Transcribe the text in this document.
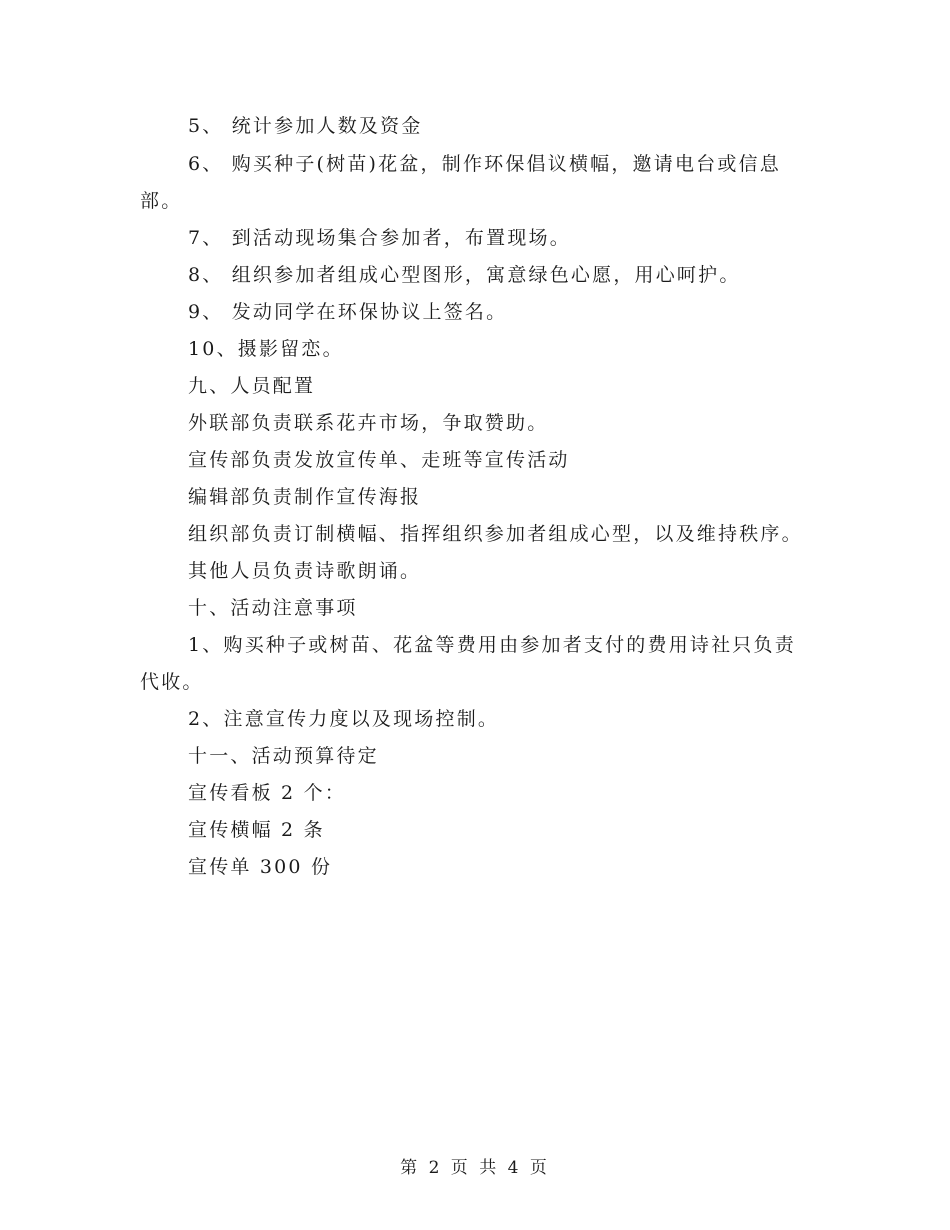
5、 统计参加人数及资金
6、 购买种子(树苗)花盆，制作环保倡议横幅，邀请电台或信息
部。
7、 到活动现场集合参加者，布置现场。
8、 组织参加者组成心型图形，寓意绿色心愿，用心呵护。
9、 发动同学在环保协议上签名。
10、摄影留恋。
九、人员配置
外联部负责联系花卉市场，争取赞助。
宣传部负责发放宣传单、走班等宣传活动
编辑部负责制作宣传海报
组织部负责订制横幅、指挥组织参加者组成心型，以及维持秩序。
其他人员负责诗歌朗诵。
十、活动注意事项
1、购买种子或树苗、花盆等费用由参加者支付的费用诗社只负责
代收。
2、注意宣传力度以及现场控制。
十一、活动预算待定
宣传看板 2 个：
宣传横幅 2 条
宣传单 300 份
第 2 页 共 4 页
